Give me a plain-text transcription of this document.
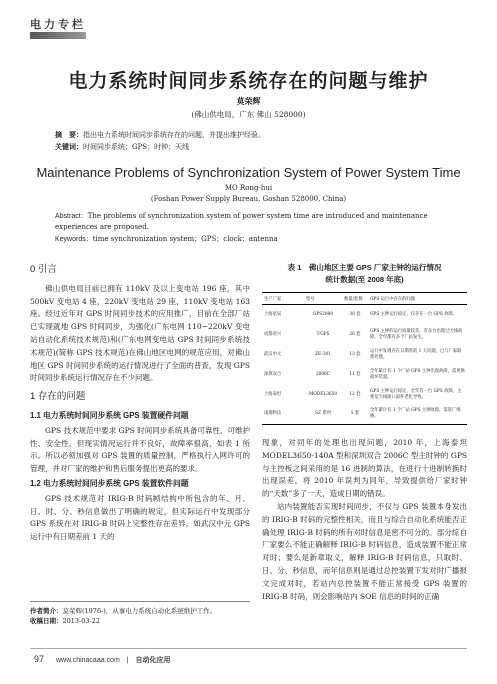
电力专栏
电力系统时间同步系统存在的问题与维护
莫荣辉
(佛山供电局，广东 佛山 528000)
摘　要：指出电力系统时间同步系统存在的问题，并提出维护经验。
关键词：时间同步系统；GPS；时钟；天线
Maintenance Problems of Synchronization System of Power System Time
MO Rong-hui
(Foshan Power Supply Bureau, Goshan 528000, China)
Abstract：The problems of synchronization system of power system time are introduced and maintenance experiences are proposed.
Keywords：time synchronization system；GPS；clock；antenna
0 引言

佛山供电局目前已拥有 110kV 及以上变电站 196 座，其中 500kV 变电站 4 座，220kV 变电站 29 座，110kV 变电站 163 座。经过近年对 GPS 时间同步技术的应用推广，目前在全部厂站已实现就地 GPS 时间同步，为强化(广东电网 110~220kV 变电站自动化系统技术规范)和(广东电网变电站 GPS 时间同步系统技术规范)(简称 GPS 技术规范)在佛山地区电网的规范应用，对佛山地区 GPS 时间同步系统的运行情况进行了全面的普查，发现 GPS 时间同步系统运行情况存在不少问题。

1 存在的问题
1.1 电力系统时间同步系统 GPS 装置硬件问题

GPS 技术规范中要求 GPS 时间同步系统具备可靠性、可维护性、安全性，但现实情况运行并不良好，故障率很高，如表 1 所示。所以必须加强对 GPS 装置的质量控制，严格执行入网许可的管理，并对厂家的维护和售后服务提出更高的要求。

1.2 电力系统时间同步系统 GPS 装置软件问题

GPS 技术规范对 IRIG-B 时码帧结构中所包含的年、月、日、时、分、秒信息做出了明确的规定，但实际运行中发现部分 GPS 系统在对 IRIG-B 时码上完整性存在差异，如武汉中元 GPS 运行中有日期差前 1 天的

作者简介：莫荣辉(1976-)，从事电力系统自动化系统维护工作。
收稿日期：2013-03-22
表 1　佛山地区主要 GPS 厂家主钟的运行情况
统计数据(至 2008 年底)
生产厂家	型号	数量/套数	GPS 运行中存在的问题
上海星辰	GPS2000	38 套	GPS 主钟运行稳定，仅存在一台 GPS 故障。
成都府兴	T-GPS	26 套	GPS 主钟的运行质量较差，有多台出现过天线故障，全年都有多个厂站发生。
武汉中元	ZE-301	13 套	运行中发现存在日期差前 1 天问题，已与厂家联系处理。
深圳双合	2006C	11 套	全年累计有 1 个厂站 GPS 主钟出现故障，需更换损坏装置。
上海泰坦	MODEL3650	12 套	GPS 主钟运行稳定，全年有一台 GPS 故障，主要是天线接口部件老化导致。
南瑞科技	SZ 系列	5 套	全年累计有 1 个厂站 GPS 主钟故障，需返厂维修。

现象，对同年的处理也出现问题，2010 年，上海泰坦 MODEL3650-140A 型和深圳双合 2006C 型主时钟的 GPS 与主控板之间采用的是 16 进制的算法，在进行十进制转换时出现误差，将 2010 年误判为同年，导致提供给厂家时钟的“天数”多了一天，造成日期的错误。

站内装置能否实现时间同步，不仅与 GPS 装置本身发出的 IRIG-B 时码的完整性相关，而且与综合自动化系统能否正确处理 IRIG-B 时码的所有对时信息是密不可分的。部分综自厂家要么不能正确解释 IRIG-B 时码信息，造成装置不能正常对时；要么是新章取义，解释 IRIG-B 时码信息，只取时、日、分、秒信息，而年信息则是通过总控装置下发对时广播报文完成对时，若站内总控装置不能正常接受 GPS 装置的 IRIG-B 时码，则会影响站内 SOE 信息的时间的正确

97 www.chinacaaa.com | 自动化应用
